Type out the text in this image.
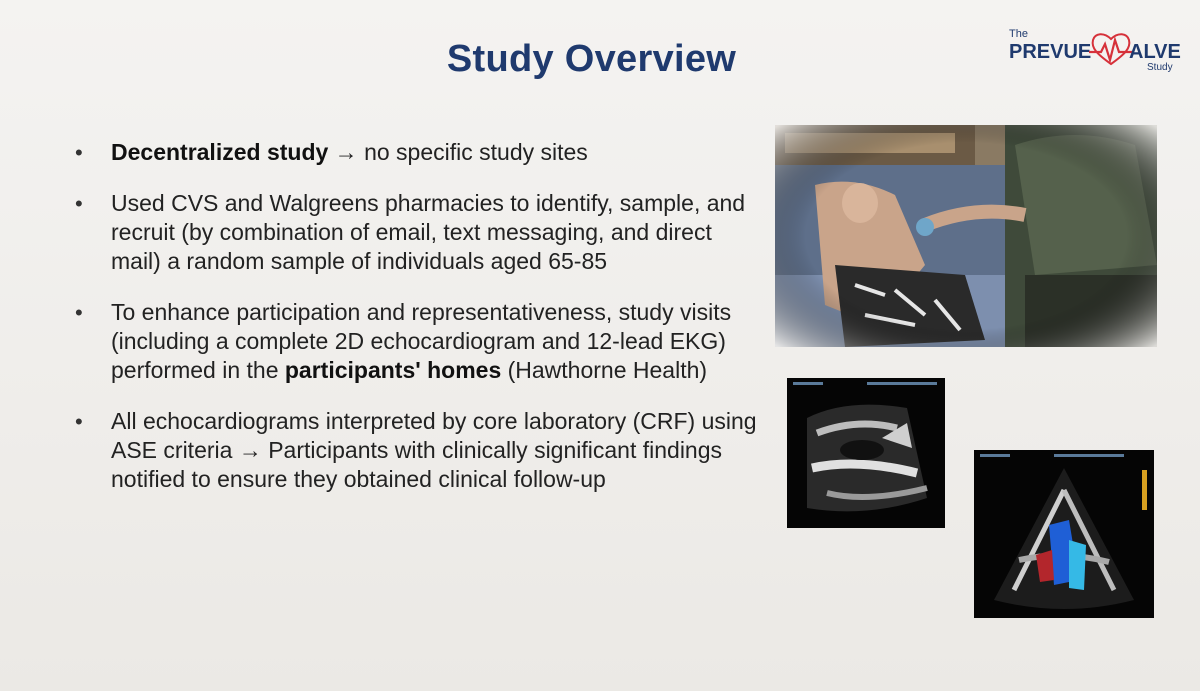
Study Overview
The
PREVUE ALVE
Study
• Decentralized study → no specific study sites
• Used CVS and Walgreens pharmacies to identify, sample, and recruit (by combination of email, text messaging, and direct mail) a random sample of individuals aged 65-85
• To enhance participation and representativeness, study visits (including a complete 2D echocardiogram and 12-lead EKG) performed in the participants' homes (Hawthorne Health)
• All echocardiograms interpreted by core laboratory (CRF) using ASE criteria → Participants with clinically significant findings notified to ensure they obtained clinical follow-up
